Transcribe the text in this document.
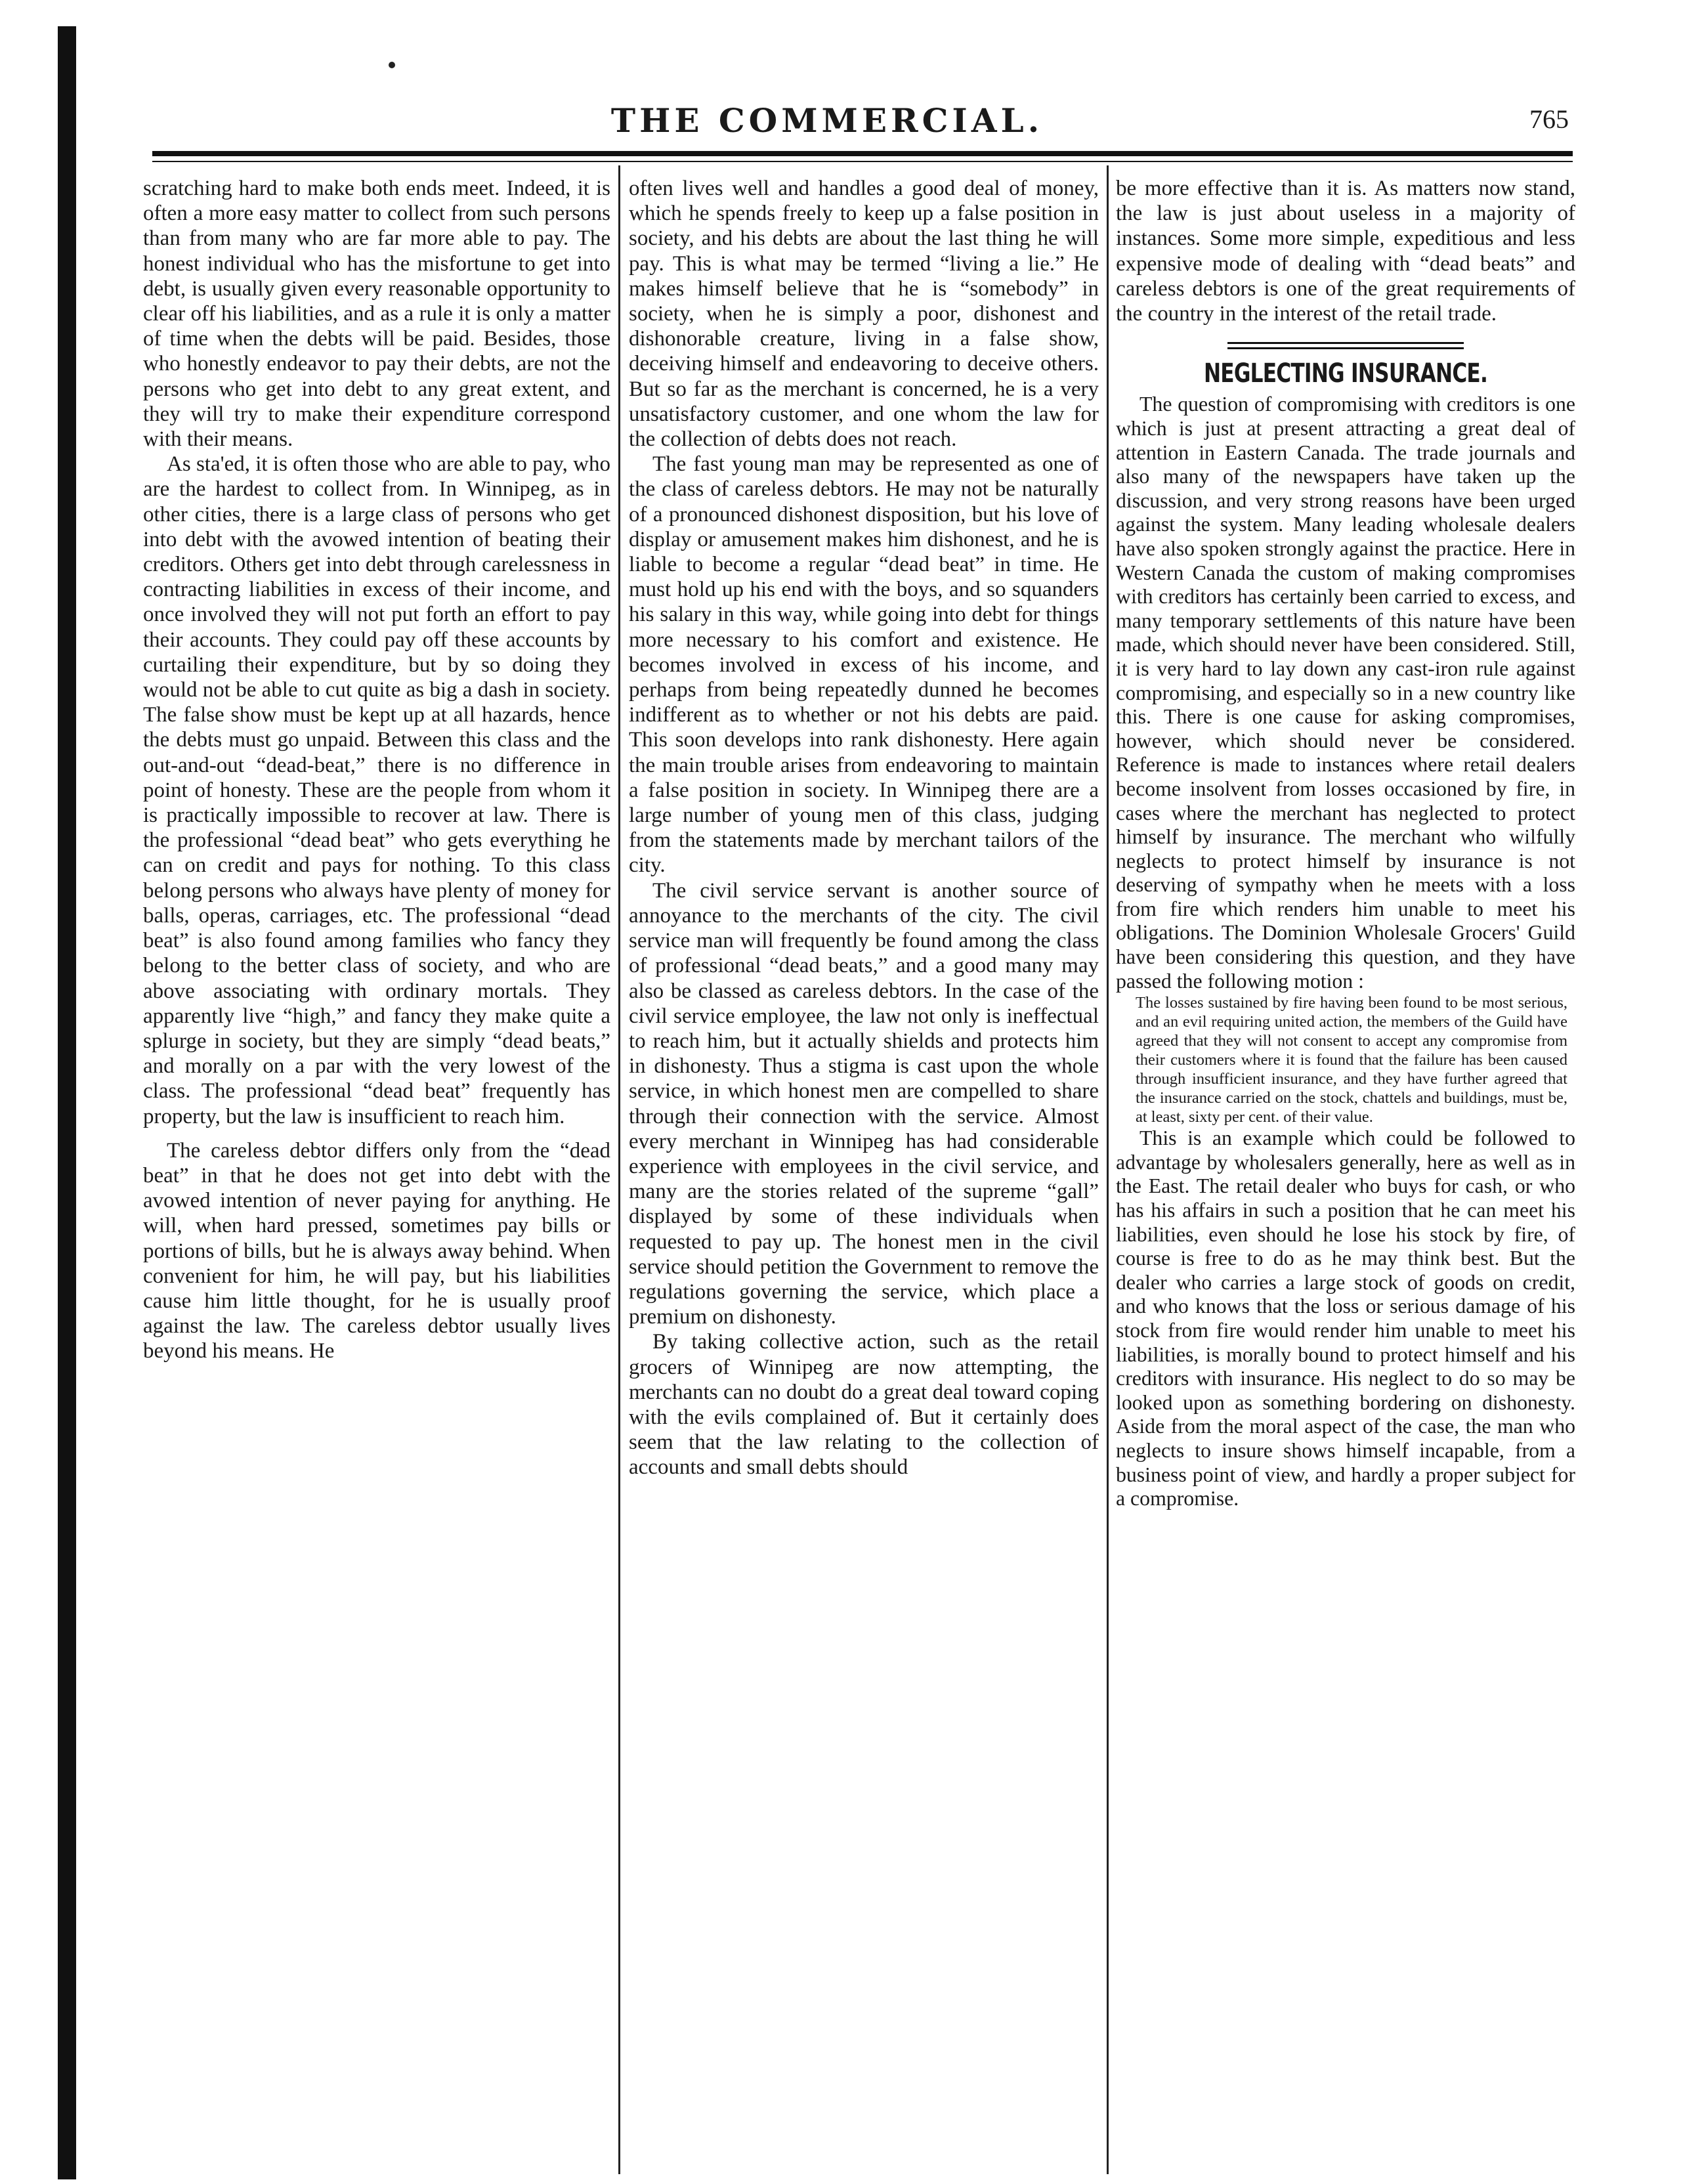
THE COMMERCIAL.	765

scratching hard to make both ends meet. Indeed, it is often a more easy matter to collect from such persons than from many who are far more able to pay. The honest individual who has the misfortune to get into debt, is usually given every reasonable opportunity to clear off his liabilities, and as a rule it is only a matter of time when the debts will be paid. Besides, those who honestly endeavor to pay their debts, are not the persons who get into debt to any great extent, and they will try to make their expenditure correspond with their means.

As sta'ed, it is often those who are able to pay, who are the hardest to collect from. In Winnipeg, as in other cities, there is a large class of persons who get into debt with the avowed intention of beating their creditors. Others get into debt through carelessness in contracting liabilities in excess of their income, and once involved they will not put forth an effort to pay their accounts. They could pay off these accounts by curtailing their expenditure, but by so doing they would not be able to cut quite as big a dash in society. The false show must be kept up at all hazards, hence the debts must go unpaid. Between this class and the out-and-out “dead-beat,” there is no difference in point of honesty. These are the people from whom it is practically impossible to recover at law. There is the professional “dead beat” who gets everything he can on credit and pays for nothing. To this class belong persons who always have plenty of money for balls, operas, carriages, etc. The professional “dead beat” is also found among families who fancy they belong to the better class of society, and who are above associating with ordinary mortals. They apparently live “high,” and fancy they make quite a splurge in society, but they are simply “dead beats,” and morally on a par with the very lowest of the class. The professional “dead beat” frequently has property, but the law is insufficient to reach him.

The careless debtor differs only from the “dead beat” in that he does not get into debt with the avowed intention of never paying for anything. He will, when hard pressed, sometimes pay bills or portions of bills, but he is always away behind. When convenient for him, he will pay, but his liabilities cause him little thought, for he is usually proof against the law. The careless debtor usually lives beyond his means. He

often lives well and handles a good deal of money, which he spends freely to keep up a false position in society, and his debts are about the last thing he will pay. This is what may be termed “living a lie.” He makes himself believe that he is “somebody” in society, when he is simply a poor, dishonest and dishonorable creature, living in a false show, deceiving himself and endeavoring to deceive others. But so far as the merchant is concerned, he is a very unsatisfactory customer, and one whom the law for the collection of debts does not reach.

The fast young man may be represented as one of the class of careless debtors. He may not be naturally of a pronounced dishonest disposition, but his love of display or amusement makes him dishonest, and he is liable to become a regular “dead beat” in time. He must hold up his end with the boys, and so squanders his salary in this way, while going into debt for things more necessary to his comfort and existence. He becomes involved in excess of his income, and perhaps from being repeatedly dunned he becomes indifferent as to whether or not his debts are paid. This soon develops into rank dishonesty. Here again the main trouble arises from endeavoring to maintain a false position in society. In Winnipeg there are a large number of young men of this class, judging from the statements made by merchant tailors of the city.

The civil service servant is another source of annoyance to the merchants of the city. The civil service man will frequently be found among the class of professional “dead beats,” and a good many may also be classed as careless debtors. In the case of the civil service employee, the law not only is ineffectual to reach him, but it actually shields and protects him in dishonesty. Thus a stigma is cast upon the whole service, in which honest men are compelled to share through their connection with the service. Almost every merchant in Winnipeg has had considerable experience with employees in the civil service, and many are the stories related of the supreme “gall” displayed by some of these individuals when requested to pay up. The honest men in the civil service should petition the Government to remove the regulations governing the service, which place a premium on dishonesty.

By taking collective action, such as the retail grocers of Winnipeg are now attempting, the merchants can no doubt do a great deal toward coping with the evils complained of. But it certainly does seem that the law relating to the collection of accounts and small debts should

be more effective than it is. As matters now stand, the law is just about useless in a majority of instances. Some more simple, expeditious and less expensive mode of dealing with “dead beats” and careless debtors is one of the great requirements of the country in the interest of the retail trade.

NEGLECTING INSURANCE.

The question of compromising with creditors is one which is just at present attracting a great deal of attention in Eastern Canada. The trade journals and also many of the newspapers have taken up the discussion, and very strong reasons have been urged against the system. Many leading wholesale dealers have also spoken strongly against the practice. Here in Western Canada the custom of making compromises with creditors has certainly been carried to excess, and many temporary settlements of this nature have been made, which should never have been considered. Still, it is very hard to lay down any cast-iron rule against compromising, and especially so in a new country like this. There is one cause for asking compromises, however, which should never be considered. Reference is made to instances where retail dealers become insolvent from losses occasioned by fire, in cases where the merchant has neglected to protect himself by insurance. The merchant who wilfully neglects to protect himself by insurance is not deserving of sympathy when he meets with a loss from fire which renders him unable to meet his obligations. The Dominion Wholesale Grocers' Guild have been considering this question, and they have passed the following motion :

The losses sustained by fire having been found to be most serious, and an evil requiring united action, the members of the Guild have agreed that they will not consent to accept any compromise from their customers where it is found that the failure has been caused through insufficient insurance, and they have further agreed that the insurance carried on the stock, chattels and buildings, must be, at least, sixty per cent. of their value.

This is an example which could be followed to advantage by wholesalers generally, here as well as in the East. The retail dealer who buys for cash, or who has his affairs in such a position that he can meet his liabilities, even should he lose his stock by fire, of course is free to do as he may think best. But the dealer who carries a large stock of goods on credit, and who knows that the loss or serious damage of his stock from fire would render him unable to meet his liabilities, is morally bound to protect himself and his creditors with insurance. His neglect to do so may be looked upon as something bordering on dishonesty. Aside from the moral aspect of the case, the man who neglects to insure shows himself incapable, from a business point of view, and hardly a proper subject for a compromise.
